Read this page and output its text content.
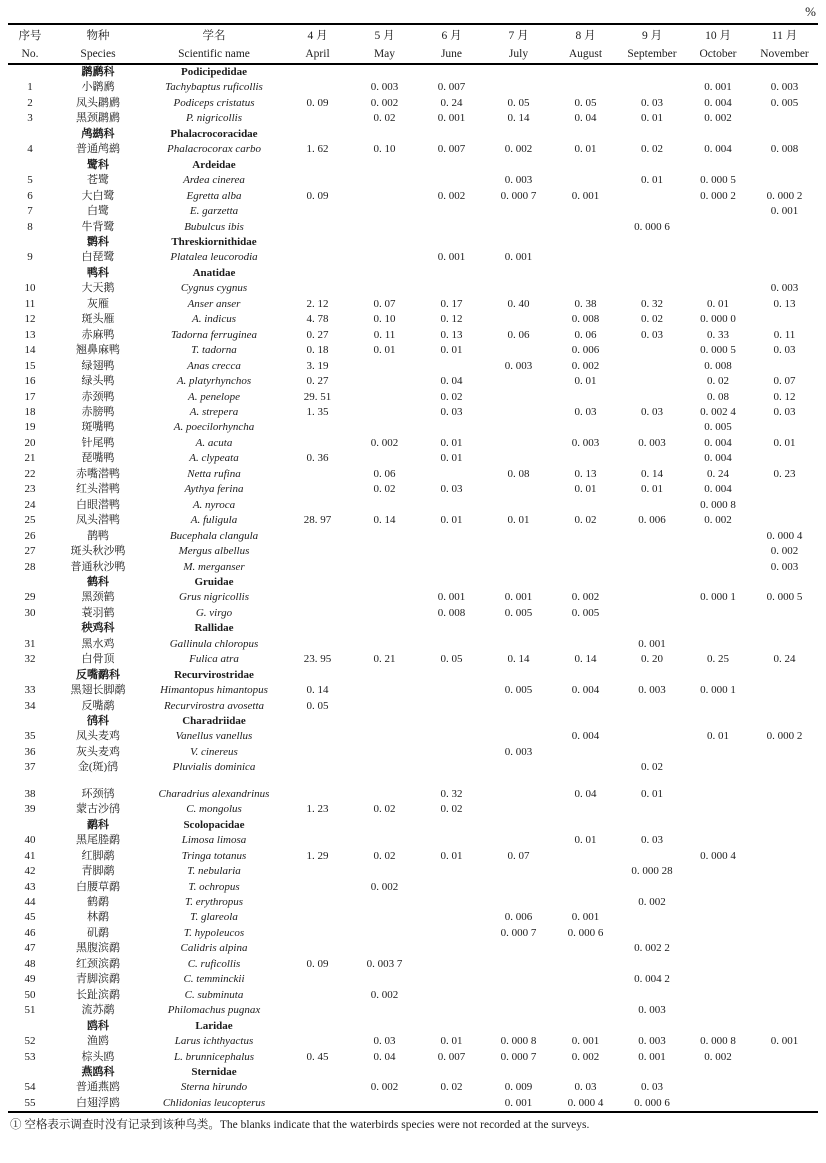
%
序号	物种	学名	4 月	5 月	6 月	7 月	8 月	9 月	10 月	11 月
No.	Species	Scientific name	April	May	June	July	August	September	October	November
	䴙䴘科	Podicipedidae								
1	小䴙䴘	Tachybaptus ruficollis		0. 003	0. 007				0. 001	0. 003
2	凤头䴙䴘	Podiceps cristatus	0. 09	0. 002	0. 24	0. 05	0. 05	0. 03	0. 004	0. 005
3	黑颈䴙䴘	P. nigricollis		0. 02	0. 001	0. 14	0. 04	0. 01	0. 002	
	鸬鹚科	Phalacrocoracidae								
4	普通鸬鹚	Phalacrocorax carbo	1. 62	0. 10	0. 007	0. 002	0. 01	0. 02	0. 004	0. 008
	鹭科	Ardeidae								
5	苍鹭	Ardea cinerea				0. 003		0. 01	0. 000 5	
6	大白鹭	Egretta alba	0. 09		0. 002	0. 000 7	0. 001		0. 000 2	0. 000 2
7	白鹭	E. garzetta								0. 001
8	牛背鹭	Bubulcus ibis						0. 000 6		
	鹮科	Threskiornithidae								
9	白琵鹭	Platalea leucorodia			0. 001	0. 001				
	鸭科	Anatidae								
10	大天鹅	Cygnus cygnus								0. 003
11	灰雁	Anser anser	2. 12	0. 07	0. 17	0. 40	0. 38	0. 32	0. 01	0. 13
12	斑头雁	A. indicus	4. 78	0. 10	0. 12		0. 008	0. 02	0. 000 0	
13	赤麻鸭	Tadorna ferruginea	0. 27	0. 11	0. 13	0. 06	0. 06	0. 03	0. 33	0. 11
14	翘鼻麻鸭	T. tadorna	0. 18	0. 01	0. 01		0. 006		0. 000 5	0. 03
15	绿翅鸭	Anas crecca	3. 19			0. 003	0. 002		0. 008	
16	绿头鸭	A. platyrhynchos	0. 27		0. 04		0. 01		0. 02	0. 07
17	赤颈鸭	A. penelope	29. 51		0. 02				0. 08	0. 12
18	赤膀鸭	A. strepera	1. 35		0. 03		0. 03	0. 03	0. 002 4	0. 03
19	斑嘴鸭	A. poecilorhyncha							0. 005	
20	针尾鸭	A. acuta		0. 002	0. 01		0. 003	0. 003	0. 004	0. 01
21	琵嘴鸭	A. clypeata	0. 36		0. 01				0. 004	
22	赤嘴潜鸭	Netta rufina		0. 06		0. 08	0. 13	0. 14	0. 24	0. 23
23	红头潜鸭	Aythya ferina		0. 02	0. 03		0. 01	0. 01	0. 004	
24	白眼潜鸭	A. nyroca							0. 000 8	
25	凤头潜鸭	A. fuligula	28. 97	0. 14	0. 01	0. 01	0. 02	0. 006	0. 002	
26	鹊鸭	Bucephala clangula								0. 000 4
27	斑头秋沙鸭	Mergus albellus								0. 002
28	普通秋沙鸭	M. merganser								0. 003
	鹤科	Gruidae								
29	黑颈鹤	Grus nigricollis			0. 001	0. 001	0. 002		0. 000 1	0. 000 5
30	蓑羽鹤	G. virgo			0. 008	0. 005	0. 005			
	秧鸡科	Rallidae								
31	黑水鸡	Gallinula chloropus						0. 001		
32	白骨顶	Fulica atra	23. 95	0. 21	0. 05	0. 14	0. 14	0. 20	0. 25	0. 24
	反嘴鹬科	Recurvirostridae								
33	黑翅长脚鹬	Himantopus himantopus	0. 14			0. 005	0. 004	0. 003	0. 000 1	
34	反嘴鹬	Recurvirostra avosetta	0. 05							
	鸻科	Charadriidae								
35	凤头麦鸡	Vanellus vanellus					0. 004		0. 01	0. 000 2
36	灰头麦鸡	V. cinereus				0. 003				
37	金(斑)鸻	Pluvialis dominica						0. 02		

38	环颈鸻	Charadrius alexandrinus			0. 32		0. 04	0. 01		
39	蒙古沙鸻	C. mongolus	1. 23	0. 02	0. 02					
	鹬科	Scolopacidae								
40	黑尾塍鹬	Limosa limosa					0. 01	0. 03		
41	红脚鹬	Tringa totanus	1. 29	0. 02	0. 01	0. 07			0. 000 4	
42	青脚鹬	T. nebularia						0. 000 28		
43	白腰草鹬	T. ochropus		0. 002						
44	鹤鹬	T. erythropus						0. 002		
45	林鹬	T. glareola				0. 006	0. 001			
46	矶鹬	T. hypoleucos				0. 000 7	0. 000 6			
47	黑腹滨鹬	Calidris alpina						0. 002 2		
48	红颈滨鹬	C. ruficollis	0. 09	0. 003 7						
49	青脚滨鹬	C. temminckii						0. 004 2		
50	长趾滨鹬	C. subminuta		0. 002						
51	流苏鹬	Philomachus pugnax						0. 003		
	鸥科	Laridae								
52	渔鸥	Larus ichthyactus		0. 03	0. 01	0. 000 8	0. 001	0. 003	0. 000 8	0. 001
53	棕头鸥	L. brunnicephalus	0. 45	0. 04	0. 007	0. 000 7	0. 002	0. 001	0. 002	
	燕鸥科	Sternidae								
54	普通燕鸥	Sterna hirundo		0. 002	0. 02	0. 009	0. 03	0. 03		
55	白翅浮鸥	Chlidonias leucopterus				0. 001	0. 000 4	0. 000 6		
① 空格表示调查时没有记录到该种鸟类。The blanks indicate that the waterbirds species were not recorded at the surveys.
